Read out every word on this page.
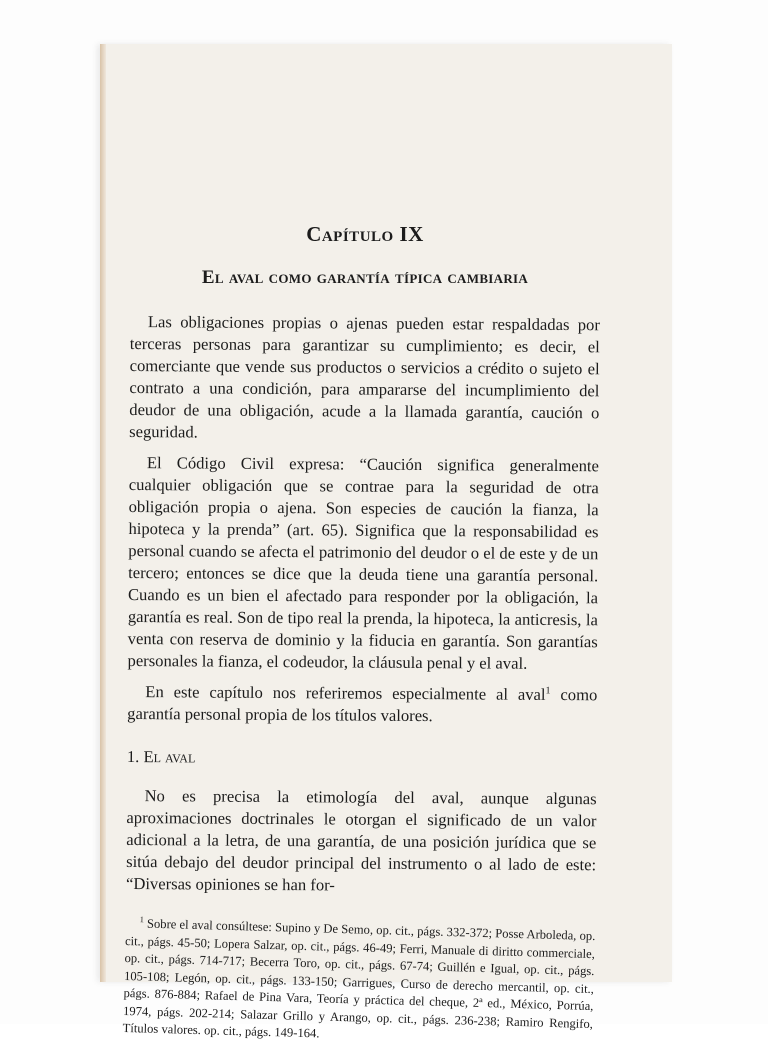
Capítulo IX
El aval como garantía típica cambiaria

Las obligaciones propias o ajenas pueden estar respaldadas por terceras personas para garantizar su cumplimiento; es decir, el comerciante que vende sus productos o servicios a crédito o sujeto el contrato a una condición, para ampararse del incumplimiento del deudor de una obligación, acude a la llamada garantía, caución o seguridad.

El Código Civil expresa: “Caución significa generalmente cualquier obligación que se contrae para la seguridad de otra obligación propia o ajena. Son especies de caución la fianza, la hipoteca y la prenda” (art. 65). Significa que la responsabilidad es personal cuando se afecta el patrimonio del deudor o el de este y de un tercero; entonces se dice que la deuda tiene una garantía personal. Cuando es un bien el afectado para responder por la obligación, la garantía es real. Son de tipo real la prenda, la hipoteca, la anticresis, la venta con reserva de dominio y la fiducia en garantía. Son garantías personales la fianza, el codeudor, la cláusula penal y el aval.

En este capítulo nos referiremos especialmente al aval$^1$ como garantía personal propia de los títulos valores.

1. El aval

No es precisa la etimología del aval, aunque algunas aproximaciones doctrinales le otorgan el significado de un valor adicional a la letra, de una garantía, de una posición jurídica que se sitúa debajo del deudor principal del instrumento o al lado de este: “Diversas opiniones se han for-

$^1$ Sobre el aval consúltese: Supino y De Semo, op. cit., págs. 332-372; Posse Arboleda, op. cit., págs. 45-50; Lopera Salzar, op. cit., págs. 46-49; Ferri, Manuale di diritto commerciale, op. cit., págs. 714-717; Becerra Toro, op. cit., págs. 67-74; Guillén e Igual, op. cit., págs. 105-108; Legón, op. cit., págs. 133-150; Garrigues, Curso de derecho mercantil, op. cit., págs. 876-884; Rafael de Pina Vara, Teoría y práctica del cheque, 2ª ed., México, Porrúa, 1974, págs. 202-214; Salazar Grillo y Arango, op. cit., págs. 236-238; Ramiro Rengifo, Títulos valores. op. cit., págs. 149-164.
